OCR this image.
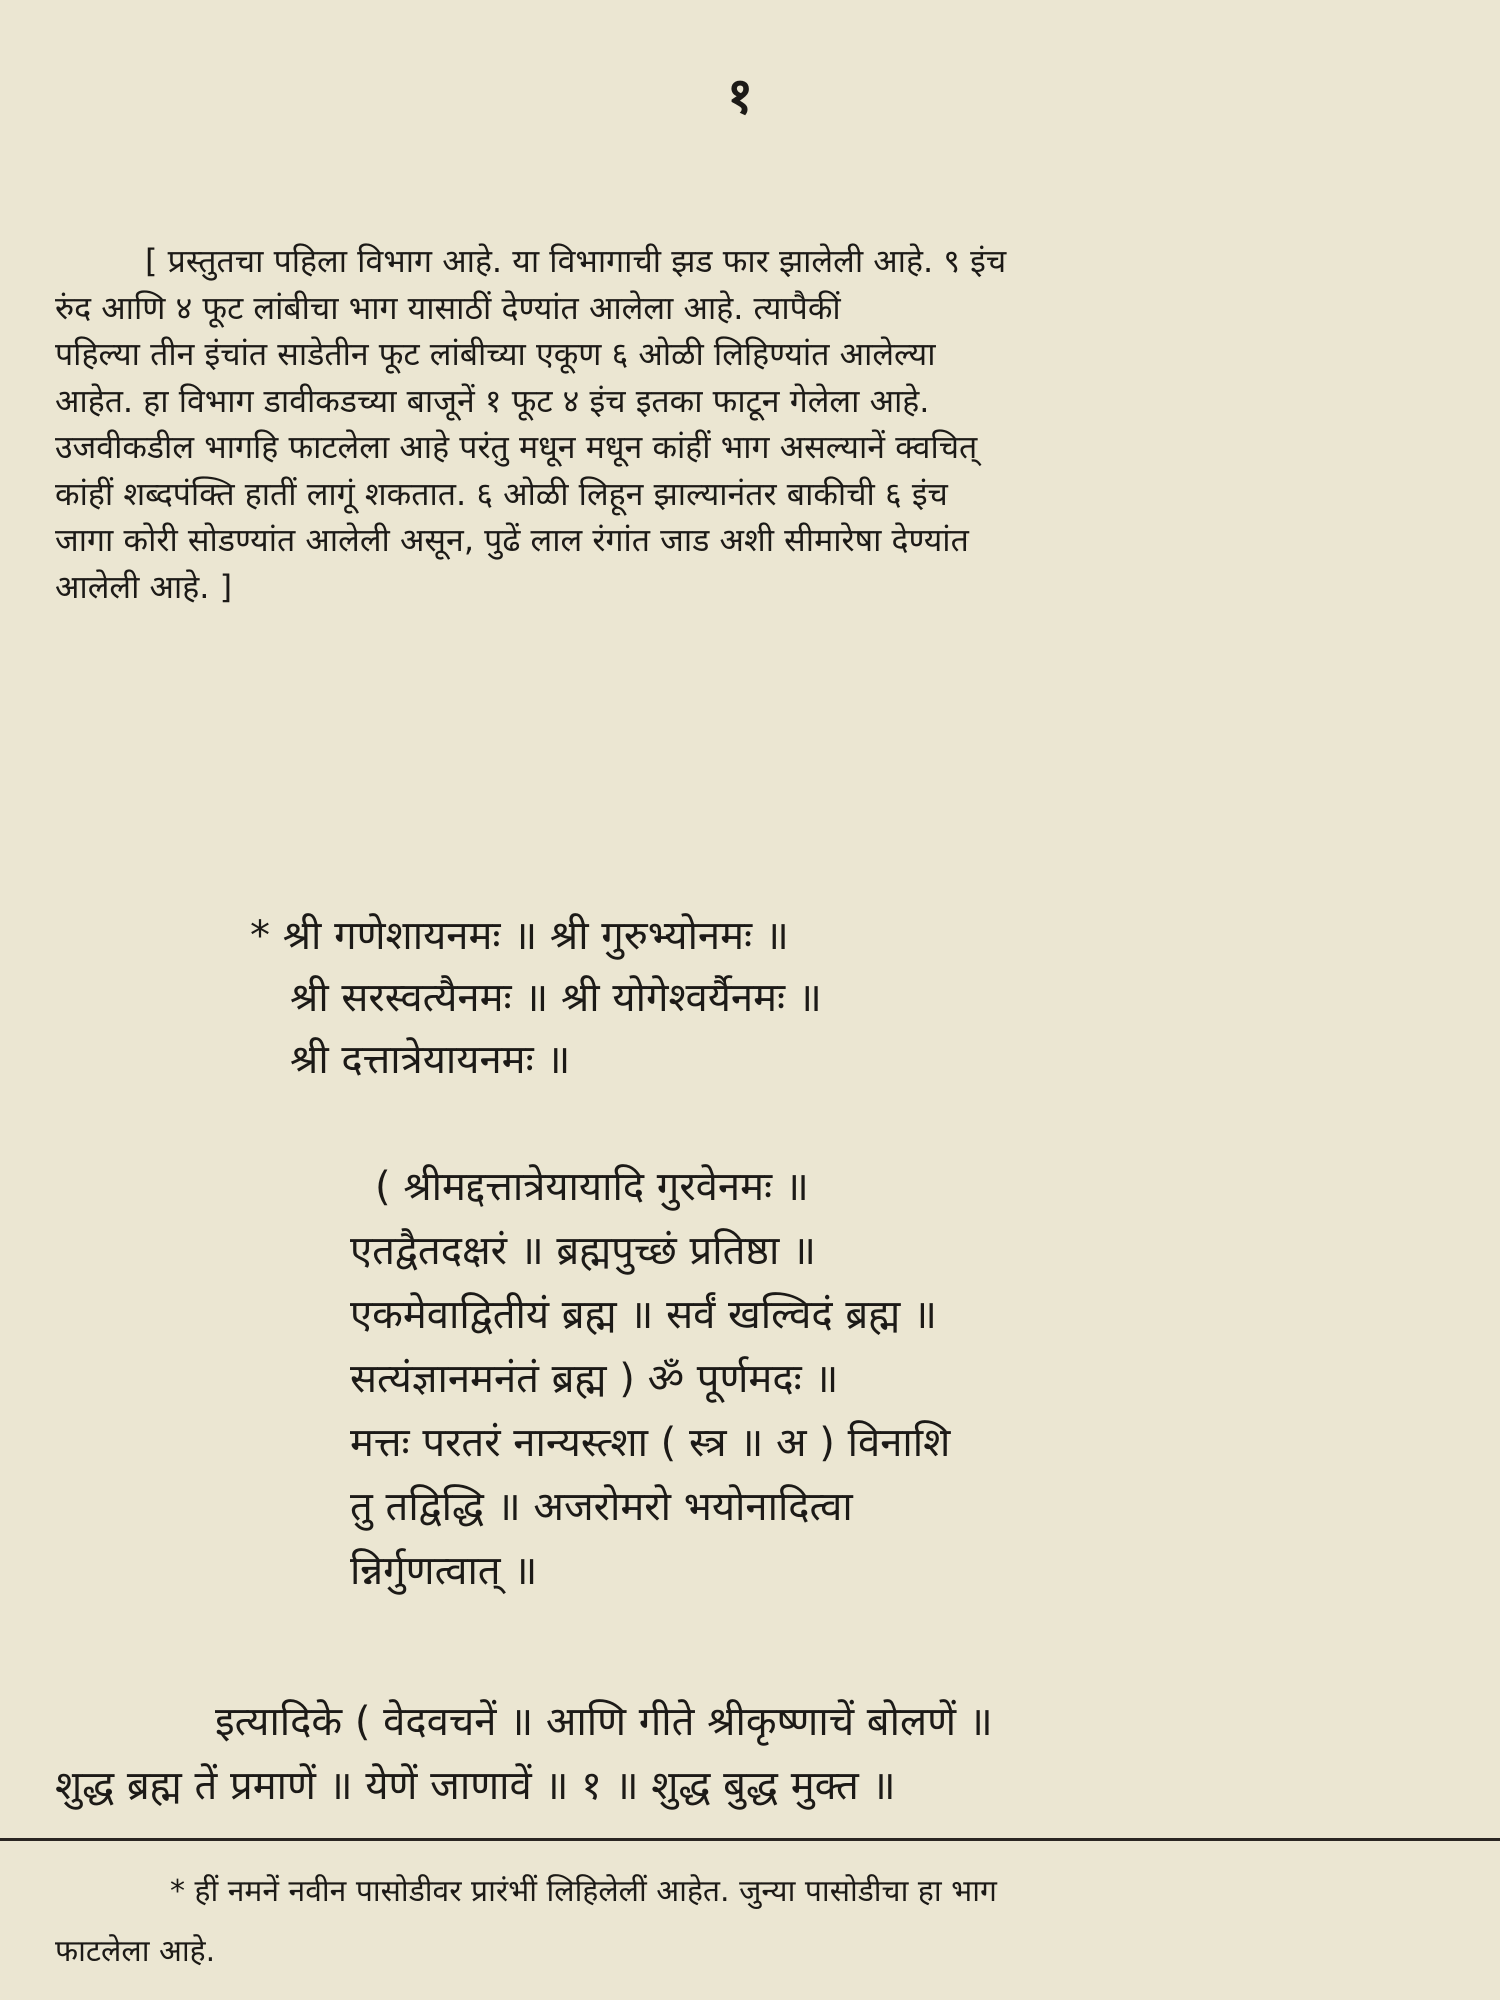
१
[ प्रस्तुतचा पहिला विभाग आहे. या विभागाची झड फार झालेली आहे. ९ इंच
रुंद आणि ४ फूट लांबीचा भाग यासाठीं देण्यांत आलेला आहे. त्यापैकीं
पहिल्या तीन इंचांत साडेतीन फूट लांबीच्या एकूण ६ ओळी लिहिण्यांत आलेल्या
आहेत. हा विभाग डावीकडच्या बाजूनें १ फूट ४ इंच इतका फाटून गेलेला आहे.
उजवीकडील भागहि फाटलेला आहे परंतु मधून मधून कांहीं भाग असल्यानें क्वचित्
कांहीं शब्दपंक्ति हातीं लागूं शकतात. ६ ओळी लिहून झाल्यानंतर बाकीची ६ इंच
जागा कोरी सोडण्यांत आलेली असून, पुढें लाल रंगांत जाड अशी सीमारेषा देण्यांत
आलेली आहे. ]
* श्री गणेशायनमः ॥ श्री गुरुभ्योनमः ॥
श्री सरस्वत्यैनमः ॥ श्री योगेश्वर्यैनमः ॥
श्री दत्तात्रेयायनमः ॥
( श्रीमद्दत्तात्रेयायादि गुरवेनमः ॥
एतद्वैतदक्षरं ॥ ब्रह्मपुच्छं प्रतिष्ठा ॥
एकमेवाद्वितीयं ब्रह्म ॥ सर्वं खल्विदं ब्रह्म ॥
सत्यंज्ञानमनंतं ब्रह्म ) ॐ पूर्णमदः ॥
मत्तः परतरं नान्यस्त्शा ( स्त्र ॥ अ ) विनाशि
तु तद्विद्धि ॥ अजरोमरो भयोनादित्वा
न्निर्गुणत्वात् ॥
इत्यादिके ( वेदवचनें ॥ आणि गीते श्रीकृष्णाचें बोलणें ॥
शुद्ध ब्रह्म तें प्रमाणें ॥ येणें जाणावें ॥ १ ॥ शुद्ध बुद्ध मुक्त ॥
* हीं नमनें नवीन पासोडीवर प्रारंभीं लिहिलेलीं आहेत. जुन्या पासोडीचा हा भाग
फाटलेला आहे.
